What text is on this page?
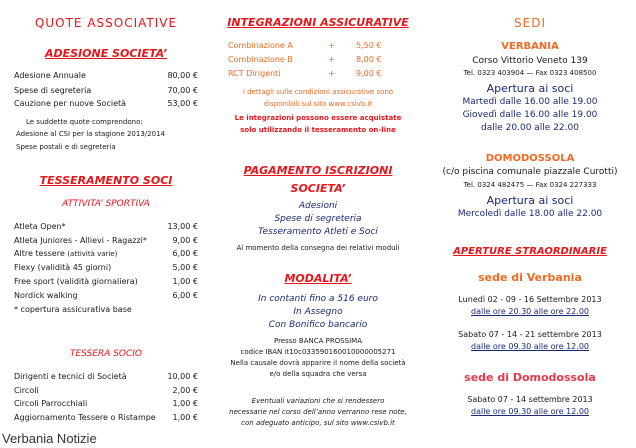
QUOTE ASSOCIATIVE
ADESIONE SOCIETA’
Adesione Annuale	80,00 €
Spese di segreteria	70,00 €
Cauzione per nuove Società	53,00 €
Le suddette quote comprendono:
Adesione al CSI per la stagione 2013/2014
Spese postali e di segreteria
TESSERAMENTO SOCI
ATTIVITA’ SPORTIVA
Atleta Open*	13,00 €
Atleta Juniores - Allievi - Ragazzi*	9,00 €
Altre tessere (attività varie)	6,00 €
Flexy (validità 45 giorni)	5,00 €
Free sport (validità giornaliera)	1,00 €
Nordick walking	6,00 €
* copertura assicurativa base
TESSERA SOCIO
Dirigenti e tecnici di Società	10,00 €
Circoli	2,00 €
Circoli Parrocchiali	1,00 €
Aggiornamento Tessere o Ristampe 1,00 €
Verbania Notizie
INTEGRAZIONI ASSICURATIVE
Combinazione A	+	5,50 €
Combinazione B	+	8,00 €
RCT Dirigenti	+	9,00 €
I dettagli sulle condizioni assicurative sono
disponibili sul sito www.csivb.it
Le integrazioni possono essere acquistate
solo utilizzando il tesseramento on-line
PAGAMENTO ISCRIZIONI
SOCIETA’
Adesioni
Spese di segreteria
Tesseramento Atleti e Soci
Al momento della consegna dei relativi moduli
MODALITA’
In contanti fino a 516 euro
In Assegno
Con Bonifico bancario
Presso BANCA PROSSIMA
codice IBAN it10c033590160010000005271
Nella causale dovrà apparire il nome della società
e/o della squadra che versa
Eventuali variazioni che si rendessero
necessarie nel corso dell’anno verranno rese note,
con adeguato anticipo, sul sito www.csivb.it
SEDI
VERBANIA
Corso Vittorio Veneto 139
Tel. 0323 403904 — Fax 0323 408500
Apertura ai soci
Martedì dalle 16.00 alle 19.00
Giovedì dalle 16.00 alle 19.00
dalle 20.00 alle 22.00
DOMODOSSOLA
(c/o piscina comunale piazzale Curotti)
Tel. 0324 482475 — Fax 0324 227333
Apertura ai soci
Mercoledì dalle 18.00 alle 22.00
APERTURE STRAORDINARIE
sede di Verbania
Lunedì 02 - 09 - 16 Settembre 2013
dalle ore 20.30 alle ore 22.00
Sabato 07 - 14 - 21 settembre 2013
dalle ore 09.30 alle ore 12.00
sede di Domodossola
Sabato 07 - 14 settembre 2013
dalle ore 09.30 alle ore 12.00
